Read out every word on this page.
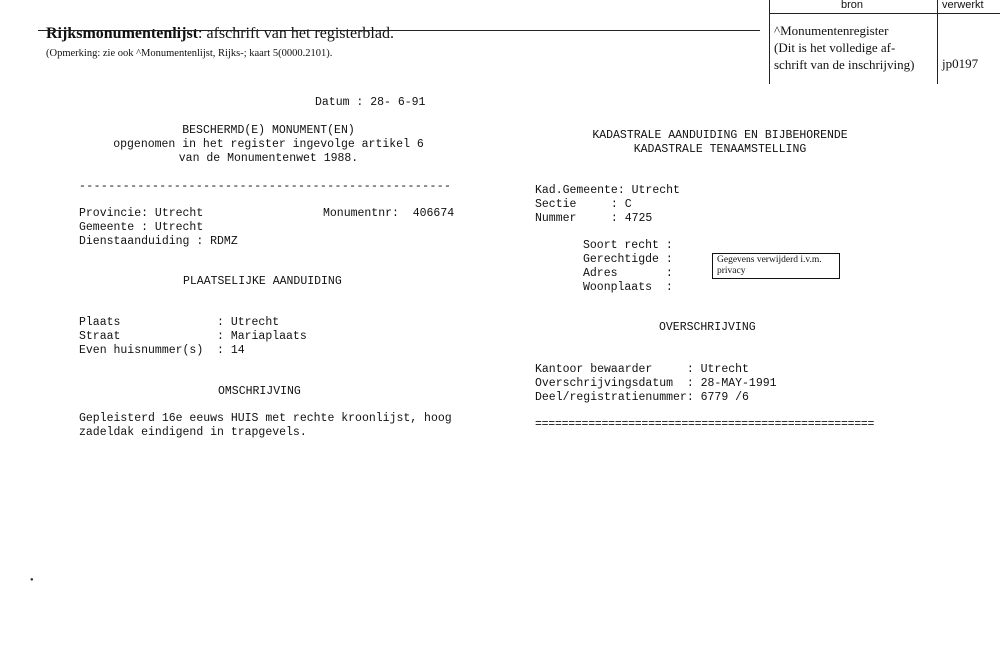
Rijksmonumentenlijst: afschrift van het registerblad.
(Opmerking: zie ook ^Monumentenlijst, Rijks-; kaart 5(0000.2101).

bron	verwerkt
^Monumentenregister
(Dit is het volledige af-
schrift van de inschrijving) jp0197
Datum : 28- 6-91
BESCHERMD(E) MONUMENT(EN)
opgenomen in het register ingevolge artikel 6
van de Monumentenwet 1988.
---------------------------------------------------
Provincie: Utrecht	Monumentnr:  406674
Gemeente : Utrecht
Dienstaanduiding : RDMZ
PLAATSELIJKE AANDUIDING
Plaats              : Utrecht
Straat              : Mariaplaats
Even huisnummer(s)  : 14
OMSCHRIJVING
Gepleisterd 16e eeuws HUIS met rechte kroonlijst, hoog
zadeldak eindigend in trapgevels.
KADASTRALE AANDUIDING EN BIJBEHORENDE
KADASTRALE TENAAMSTELLING
Kad.Gemeente: Utrecht
Sectie     : C
Nummer     : 4725
Soort recht :
Gerechtigde :
Adres       :
Woonplaats  :
Gegevens verwijderd i.v.m.
privacy
OVERSCHRIJVING
Kantoor bewaarder     : Utrecht
Overschrijvingsdatum  : 28-MAY-1991
Deel/registratienummer: 6779 /6
===================================================
●
